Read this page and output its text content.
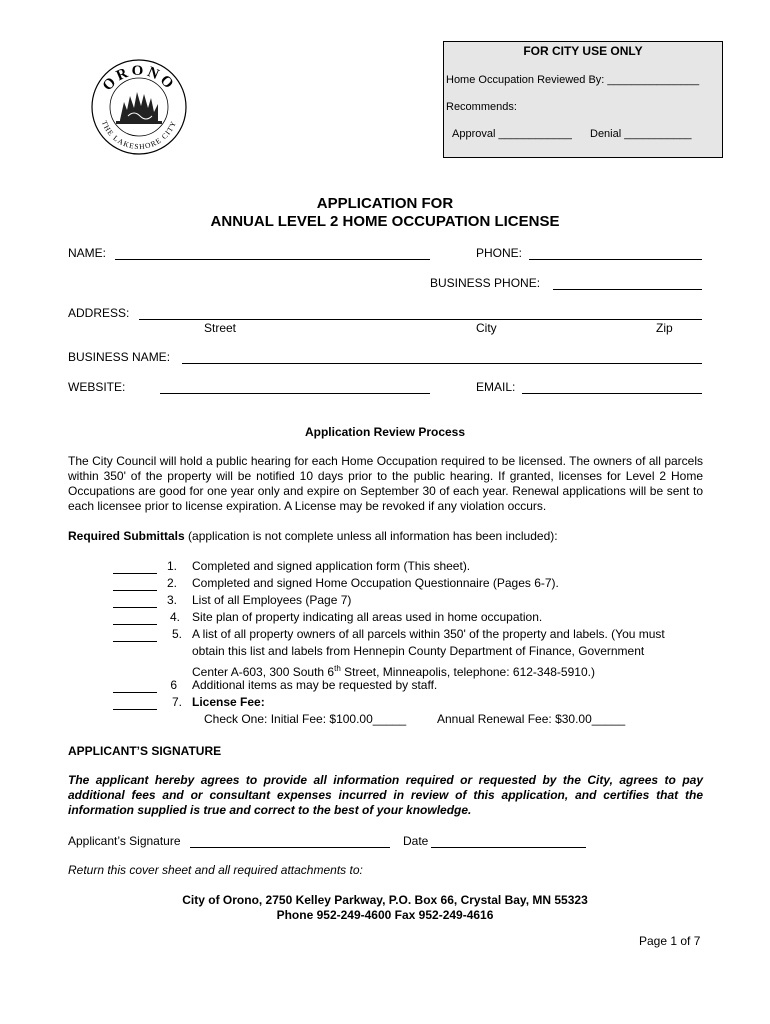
ORONO
THE LAKESHORE CITY
FOR CITY USE ONLY
Home Occupation Reviewed By: _______________
Recommends:
Approval ____________ Denial ___________
APPLICATION FOR
ANNUAL LEVEL 2 HOME OCCUPATION LICENSE
NAME:	PHONE:
BUSINESS PHONE:
ADDRESS:
Street	City	Zip
BUSINESS NAME:
WEBSITE:	EMAIL:
Application Review Process
The City Council will hold a public hearing for each Home Occupation required to be licensed. The owners of all parcels within 350' of the property will be notified 10 days prior to the public hearing. If granted, licenses for Level 2 Home Occupations are good for one year only and expire on September 30 of each year. Renewal applications will be sent to each licensee prior to license expiration. A License may be revoked if any violation occurs.
Required Submittals (application is not complete unless all information has been included):
1. Completed and signed application form (This sheet).
2. Completed and signed Home Occupation Questionnaire (Pages 6-7).
3. List of all Employees (Page 7)
4. Site plan of property indicating all areas used in home occupation.
5. A list of all property owners of all parcels within 350' of the property and labels. (You must
obtain this list and labels from Hennepin County Department of Finance, Government
Center A-603, 300 South 6th Street, Minneapolis, telephone: 612-348-5910.)
6 Additional items as may be requested by staff.
7. License Fee:
Check One: Initial Fee: $100.00_____	Annual Renewal Fee: $30.00_____
APPLICANT’S SIGNATURE
The applicant hereby agrees to provide all information required or requested by the City, agrees to pay additional fees and or consultant expenses incurred in review of this application, and certifies that the information supplied is true and correct to the best of your knowledge.
Applicant’s Signature	Date
Return this cover sheet and all required attachments to:
City of Orono, 2750 Kelley Parkway, P.O. Box 66, Crystal Bay, MN 55323
Phone 952-249-4600 Fax 952-249-4616
Page 1 of 7
